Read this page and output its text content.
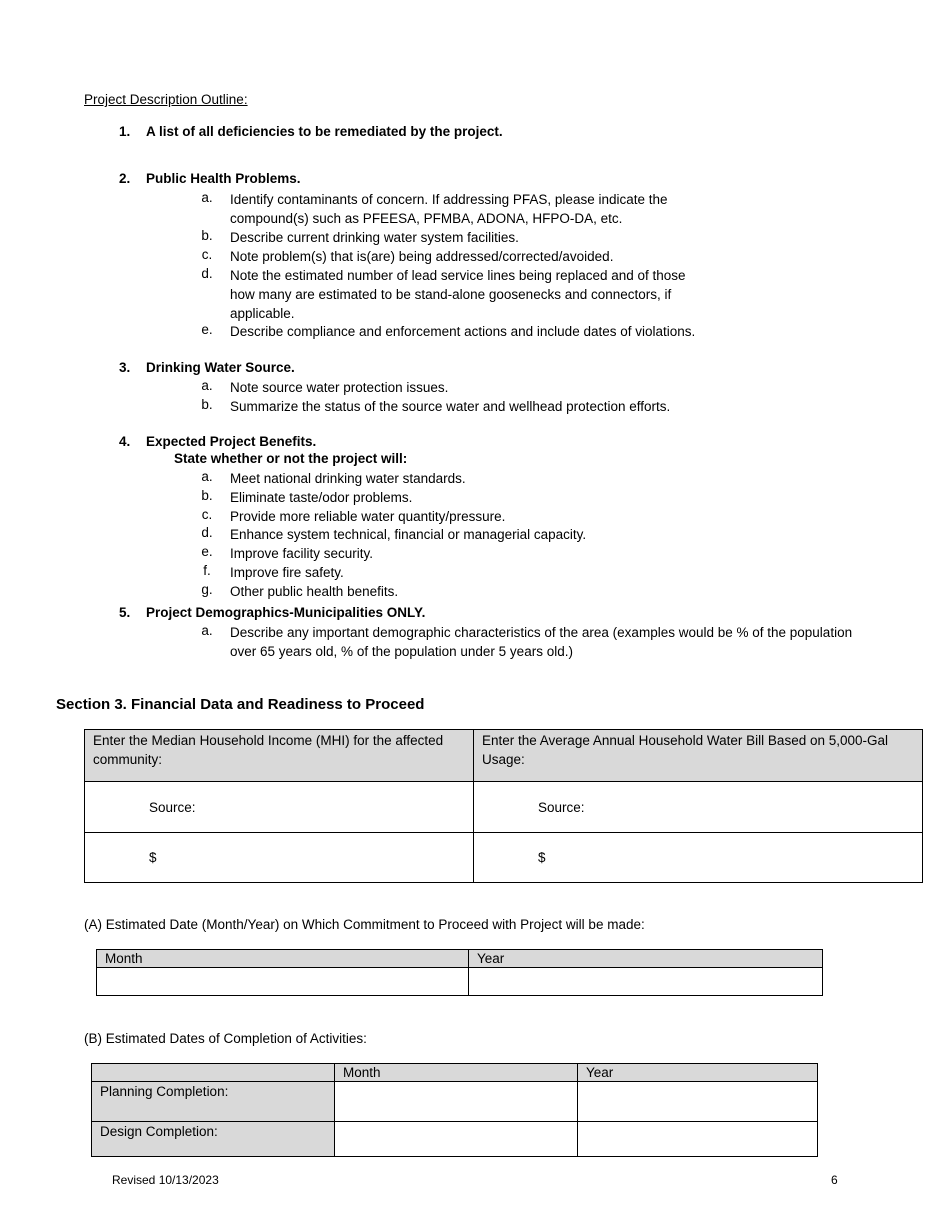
Project Description Outline:
1. A list of all deficiencies to be remediated by the project.
2. Public Health Problems.
a. Identify contaminants of concern. If addressing PFAS, please indicate the
compound(s) such as PFEESA, PFMBA, ADONA, HFPO-DA, etc.
b. Describe current drinking water system facilities.
c. Note problem(s) that is(are) being addressed/corrected/avoided.
d. Note the estimated number of lead service lines being replaced and of those
how many are estimated to be stand-alone goosenecks and connectors, if
applicable.
e. Describe compliance and enforcement actions and include dates of violations.
3. Drinking Water Source.
a. Note source water protection issues.
b. Summarize the status of the source water and wellhead protection efforts.
4. Expected Project Benefits.
State whether or not the project will:
a. Meet national drinking water standards.
b. Eliminate taste/odor problems.
c. Provide more reliable water quantity/pressure.
d. Enhance system technical, financial or managerial capacity.
e. Improve facility security.
f.	Improve fire safety.
g. Other public health benefits.
5. Project Demographics-Municipalities ONLY.
a. Describe any important demographic characteristics of the area (examples would be % of the population
over 65 years old, % of the population under 5 years old.)
Section 3. Financial Data and Readiness to Proceed
Enter the Median Household Income (MHI) for the affected community:	Enter the Average Annual Household Water Bill Based on 5,000-Gal Usage:
Source:	Source:
$	$
(A) Estimated Date (Month/Year) on Which Commitment to Proceed with Project will be made:
Month	Year

(B) Estimated Dates of Completion of Activities:
	Month	Year
Planning Completion:		
Design Completion:		
Revised 10/13/2023	6
